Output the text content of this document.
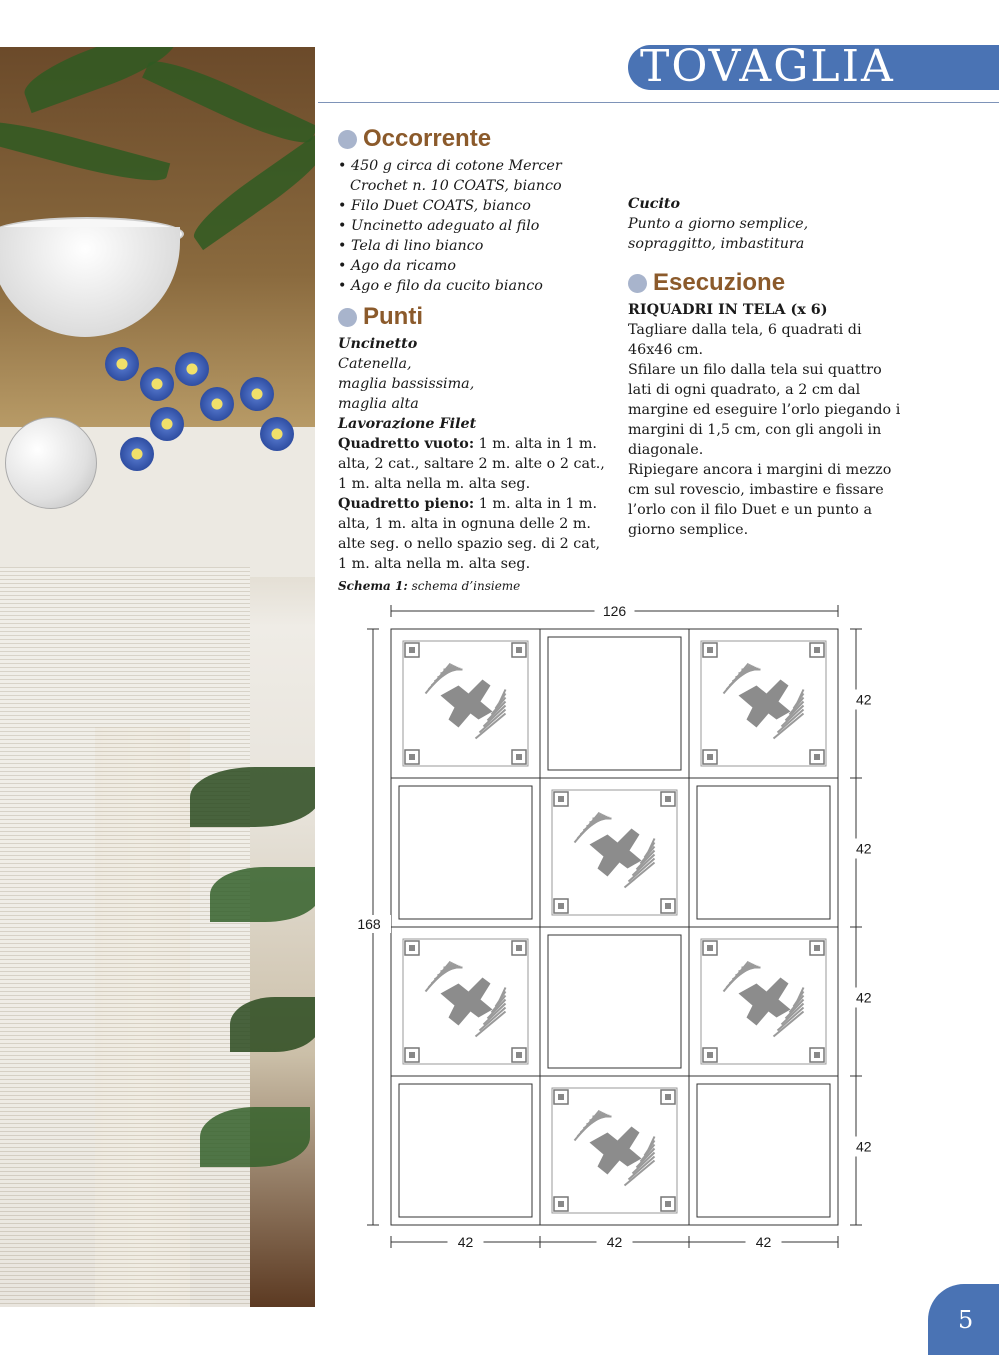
TOVAGLIA
Occorrente
• 450 g circa di cotone Mercer Crochet n. 10 COATS, bianco
• Filo Duet COATS, bianco
• Uncinetto adeguato al filo
• Tela di lino bianco
• Ago da ricamo
• Ago e filo da cucito bianco
Punti

Uncinetto

Catenella,

maglia bassissima,

maglia alta

Lavorazione Filet

Quadretto vuoto: 1 m. alta in 1 m. alta, 2 cat., saltare 2 m. alte o 2 cat., 1 m. alta nella m. alta seg.

Quadretto pieno: 1 m. alta in 1 m. alta, 1 m. alta in ognuna delle 2 m. alte seg. o nello spazio seg. di 2 cat, 1 m. alta nella m. alta seg.

Cucito

Punto a giorno semplice,

sopraggitto, imbastitura

Esecuzione

RIQUADRI IN TELA (x 6)

Tagliare dalla tela, 6 quadrati di 46x46 cm.

Sfilare un filo dalla tela sui quattro lati di ogni quadrato, a 2 cm dal margine ed eseguire l’orlo piegando i margini di 1,5 cm, con gli angoli in diagonale.

Ripiegare ancora i margini di mezzo cm sul rovescio, imbastire e fissare l’orlo con il filo Duet e un punto a giorno semplice.

Schema 1: schema d’insieme
126
168
42
42
42
42
42	42	42
5
